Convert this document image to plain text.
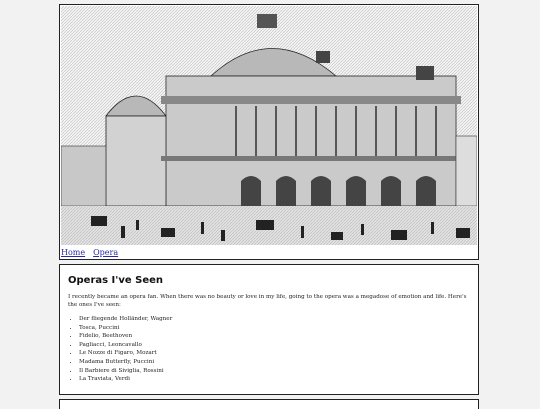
Home Opera
Operas I've Seen

I recently became an opera fan. When there was no beauty or love in my life, going to the opera was a megadose of emotion and life. Here's the ones I've seen:

• Der fliegende Holländer, Wagner
• Tosca, Puccini
• Fidelio, Beethoven
• Pagliacci, Leoncavallo
• Le Nozze di Figaro, Mozart
• Madama Butterfly, Puccini
• Il Barbiere di Siviglia, Rossini
• La Traviata, Verdi
